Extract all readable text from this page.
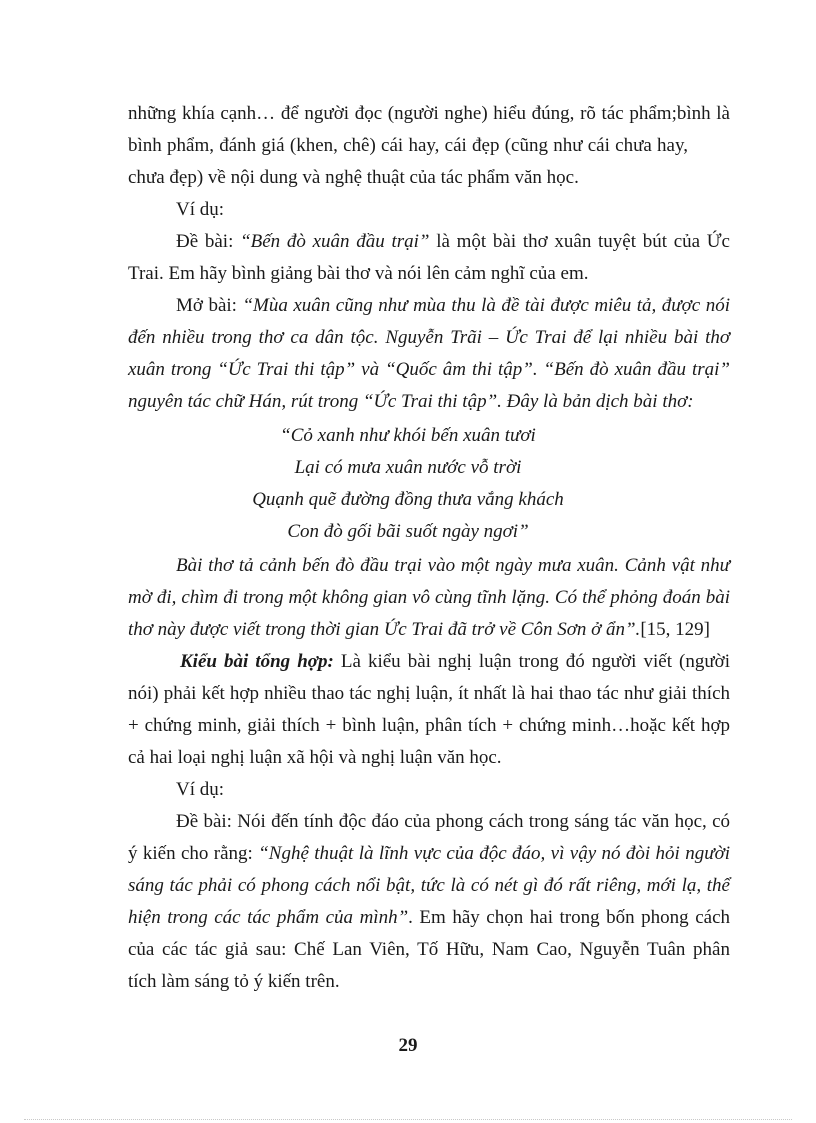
những khía cạnh… để người đọc (người nghe) hiểu đúng, rõ tác phẩm;bình là
bình phẩm, đánh giá (khen, chê) cái hay, cái đẹp (cũng như cái chưa hay,
chưa đẹp) về nội dung và nghệ thuật của tác phẩm văn học.
Ví dụ:
Đề bài: “Bến đò xuân đầu trại” là một bài thơ xuân tuyệt bút của Ức
Trai. Em hãy bình giảng bài thơ và nói lên cảm nghĩ của em.
Mở bài: “Mùa xuân cũng như mùa thu là đề tài được miêu tả, được nói
đến nhiều trong thơ ca dân tộc. Nguyễn Trãi – Ức Trai để lại nhiều bài thơ
xuân trong “Ức Trai thi tập” và “Quốc âm thi tập”. “Bến đò xuân đầu trại”
nguyên tác chữ Hán, rút trong “Ức Trai thi tập”. Đây là bản dịch bài thơ:
“Cỏ xanh như khói bến xuân tươi
Lại có mưa xuân nước vỗ trời
Quạnh quẽ đường đồng thưa vắng khách
Con đò gối bãi suốt ngày ngơi”
Bài thơ tả cảnh bến đò đầu trại vào một ngày mưa xuân. Cảnh vật như
mờ đi, chìm đi trong một không gian vô cùng tĩnh lặng. Có thể phỏng đoán bài
thơ này được viết trong thời gian Ức Trai đã trở về Côn Sơn ở ẩn”.[15, 129]
Kiểu bài tổng hợp: Là kiểu bài nghị luận trong đó người viết (người
nói) phải kết hợp nhiều thao tác nghị luận, ít nhất là hai thao tác như giải thích
+ chứng minh, giải thích + bình luận, phân tích + chứng minh…hoặc kết hợp
cả hai loại nghị luận xã hội và nghị luận văn học.
Ví dụ:
Đề bài: Nói đến tính độc đáo của phong cách trong sáng tác văn học, có
ý kiến cho rằng: “Nghệ thuật là lĩnh vực của độc đáo, vì vậy nó đòi hỏi người
sáng tác phải có phong cách nổi bật, tức là có nét gì đó rất riêng, mới lạ, thể
hiện trong các tác phẩm của mình”. Em hãy chọn hai trong bốn phong cách
của các tác giả sau: Chế Lan Viên, Tố Hữu, Nam Cao, Nguyễn Tuân phân
tích làm sáng tỏ ý kiến trên.
29
